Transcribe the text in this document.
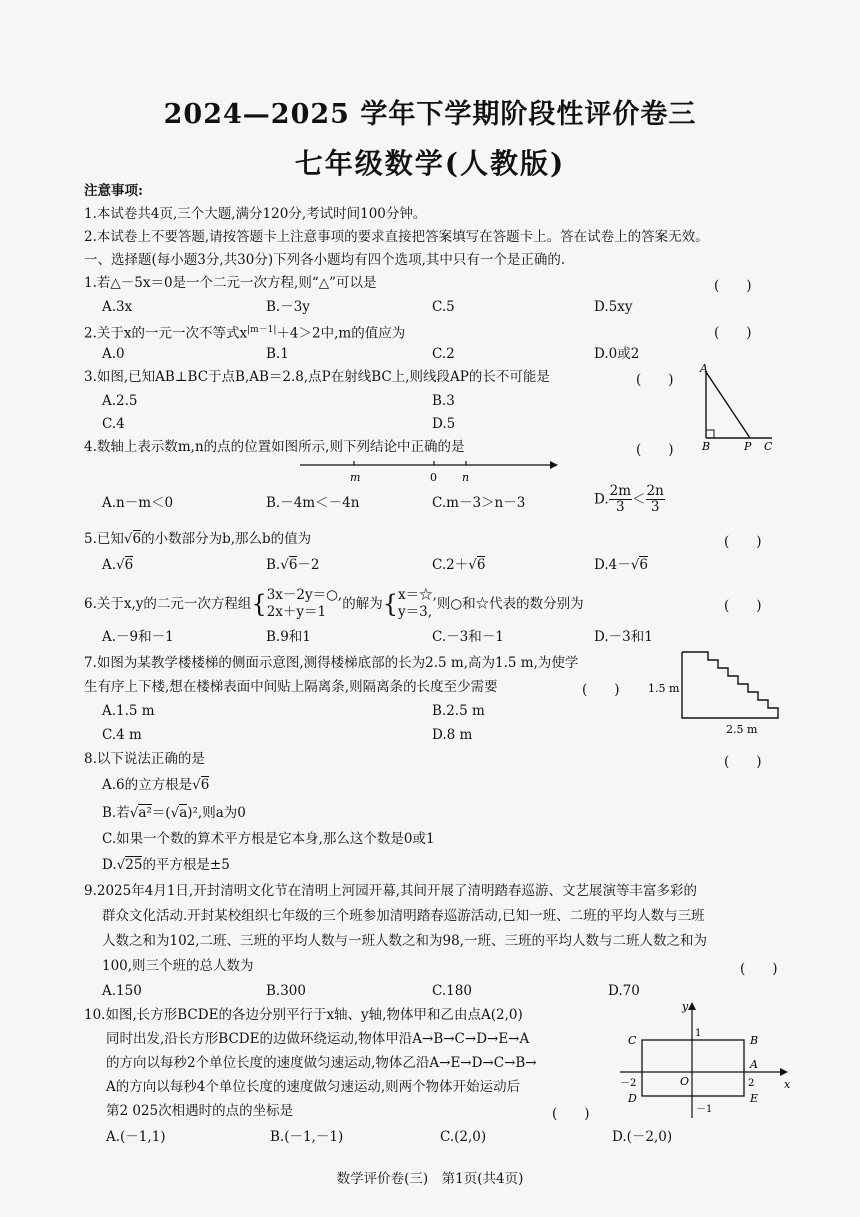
2024—2025 学年下学期阶段性评价卷三
七年级数学(人教版)
注意事项:
1.本试卷共4页,三个大题,满分120分,考试时间100分钟。
2.本试卷上不要答题,请按答题卡上注意事项的要求直接把答案填写在答题卡上。答在试卷上的答案无效。
一、选择题(每小题3分,共30分)下列各小题均有四个选项,其中只有一个是正确的.
1.若△－5x＝0是一个二元一次方程,则“△”可以是	(　　)
A.3x	B.－3y	C.5	D.5xy
2.关于x的一元一次不等式$x^{|m-1|}+4>2$中,m的值应为	(　　)
A.0	B.1	C.2	D.0或2
3.如图,已知AB⊥BC于点B,AB＝2.8,点P在射线BC上,则线段AP的长不可能是	(　　)
A.2.5	B.3
C.4	D.5
A
B	P C
4.数轴上表示数m,n的点的位置如图所示,则下列结论中正确的是	(　　)
m	0 n
A.n－m＜0	B.－4m＜－4n	C.m－3＞n－3	D. $\frac{2m}{3} < \frac{2n}{3}$
5.已知√6的小数部分为b,那么b的值为	(　　)
A.√6	B.√6－2	C.2＋√6	D.4－√6
6.关于x,y的二元一次方程组{ 3x－2y＝○,
2x＋y＝1	的解为{ x＝☆,
y＝3, 则○和☆代表的数分别为	(　　)
A.－9和－1	B.9和1	C.－3和－1	D.－3和1
7.如图为某教学楼楼梯的侧面示意图,测得楼梯底部的长为2.5 m,高为1.5 m,为使学
生有序上下楼,想在楼梯表面中间贴上隔离条,则隔离条的长度至少需要	(　　)
A.1.5 m	B.2.5 m
C.4 m	D.8 m
1.5 m
2.5 m
8.以下说法正确的是	(　　)
A.6的立方根是√6
B.若√a²＝(√a)²,则a为0
C.如果一个数的算术平方根是它本身,那么这个数是0或1
D.√25的平方根是±5
9.2025年4月1日,开封清明文化节在清明上河园开幕,其间开展了清明踏春巡游、文艺展演等丰富多彩的
群众文化活动.开封某校组织七年级的三个班参加清明踏春巡游活动,已知一班、二班的平均人数与三班
人数之和为102,二班、三班的平均人数与一班人数之和为98,一班、三班的平均人数与二班人数之和为
100,则三个班的总人数为	(　　)
A.150	B.300	C.180	D.70
10.如图,长方形BCDE的各边分别平行于x轴、y轴,物体甲和乙由点A(2,0)
同时出发,沿长方形BCDE的边做环绕运动,物体甲沿A→B→C→D→E→A
的方向以每秒2个单位长度的速度做匀速运动,物体乙沿A→E→D→C→B→
A的方向以每秒4个单位长度的速度做匀速运动,则两个物体开始运动后
第2 025次相遇时的点的坐标是	(　　)
A.(－1,1)	B.(－1,－1)	C.(2,0)	D.(－2,0)
y
x
O
1
－1
2
－2
B
C
D	E
A
数学评价卷(三)　第1页(共4页)
